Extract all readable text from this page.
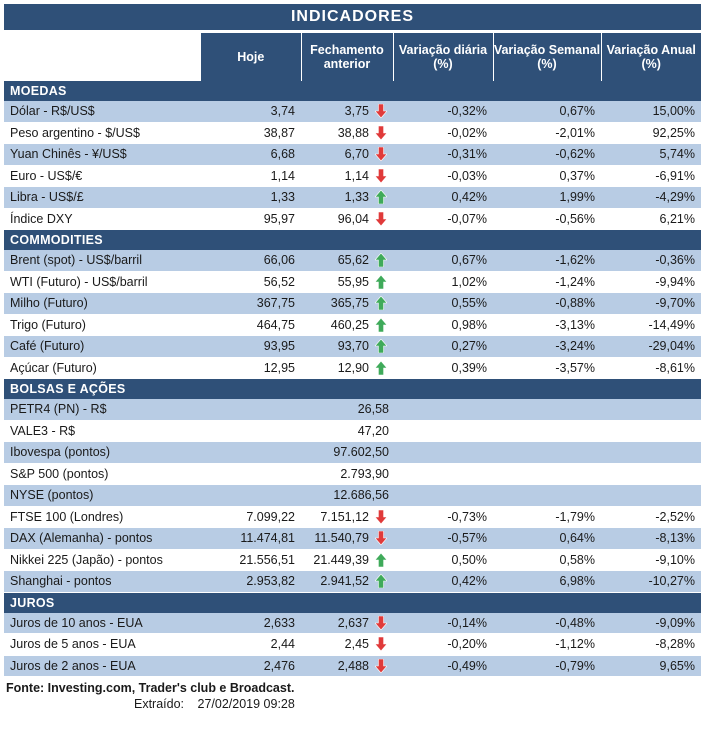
INDICADORES
	Hoje	Fechamento anterior	Variação diária (%)	Variação Semanal (%)	Variação Anual (%)
MOEDAS					
Dólar - R$/US$	3,74	3,75	-0,32%	0,67%	15,00%
Peso argentino - $/US$	38,87	38,88	-0,02%	-2,01%	92,25%
Yuan Chinês - ¥/US$	6,68	6,70	-0,31%	-0,62%	5,74%
Euro - US$/€	1,14	1,14	-0,03%	0,37%	-6,91%
Libra - US$/£	1,33	1,33	0,42%	1,99%	-4,29%
Índice DXY	95,97	96,04	-0,07%	-0,56%	6,21%
COMMODITIES					
Brent (spot) - US$/barril	66,06	65,62	0,67%	-1,62%	-0,36%
WTI (Futuro) - US$/barril	56,52	55,95	1,02%	-1,24%	-9,94%
Milho (Futuro)	367,75	365,75	0,55%	-0,88%	-9,70%
Trigo (Futuro)	464,75	460,25	0,98%	-3,13%	-14,49%
Café (Futuro)	93,95	93,70	0,27%	-3,24%	-29,04%
Açúcar (Futuro)	12,95	12,90	0,39%	-3,57%	-8,61%
BOLSAS E AÇÕES					
PETR4 (PN) - R$		26,58			

VALE3 - R$		47,20			

Ibovespa (pontos)		97.602,50			

S&P 500 (pontos)		2.793,90			

NYSE (pontos)		12.686,56			

FTSE 100 (Londres)	7.099,22	7.151,12	-0,73%	-1,79%	-2,52%
DAX (Alemanha) - pontos	11.474,81	11.540,79	-0,57%	0,64%	-8,13%
Nikkei 225 (Japão) - pontos	21.556,51	21.449,39	0,50%	0,58%	-9,10%
Shanghai - pontos	2.953,82	2.941,52	0,42%	6,98%	-10,27%
JUROS					
Juros de 10 anos - EUA	2,633	2,637	-0,14%	-0,48%	-9,09%
Juros de 5 anos - EUA	2,44	2,45	-0,20%	-1,12%	-8,28%
Juros de 2 anos - EUA	2,476	2,488	-0,49%	-0,79%	9,65%
Fonte: Investing.com, Trader's club e Broadcast.
Extraído: 27/02/2019 09:28
